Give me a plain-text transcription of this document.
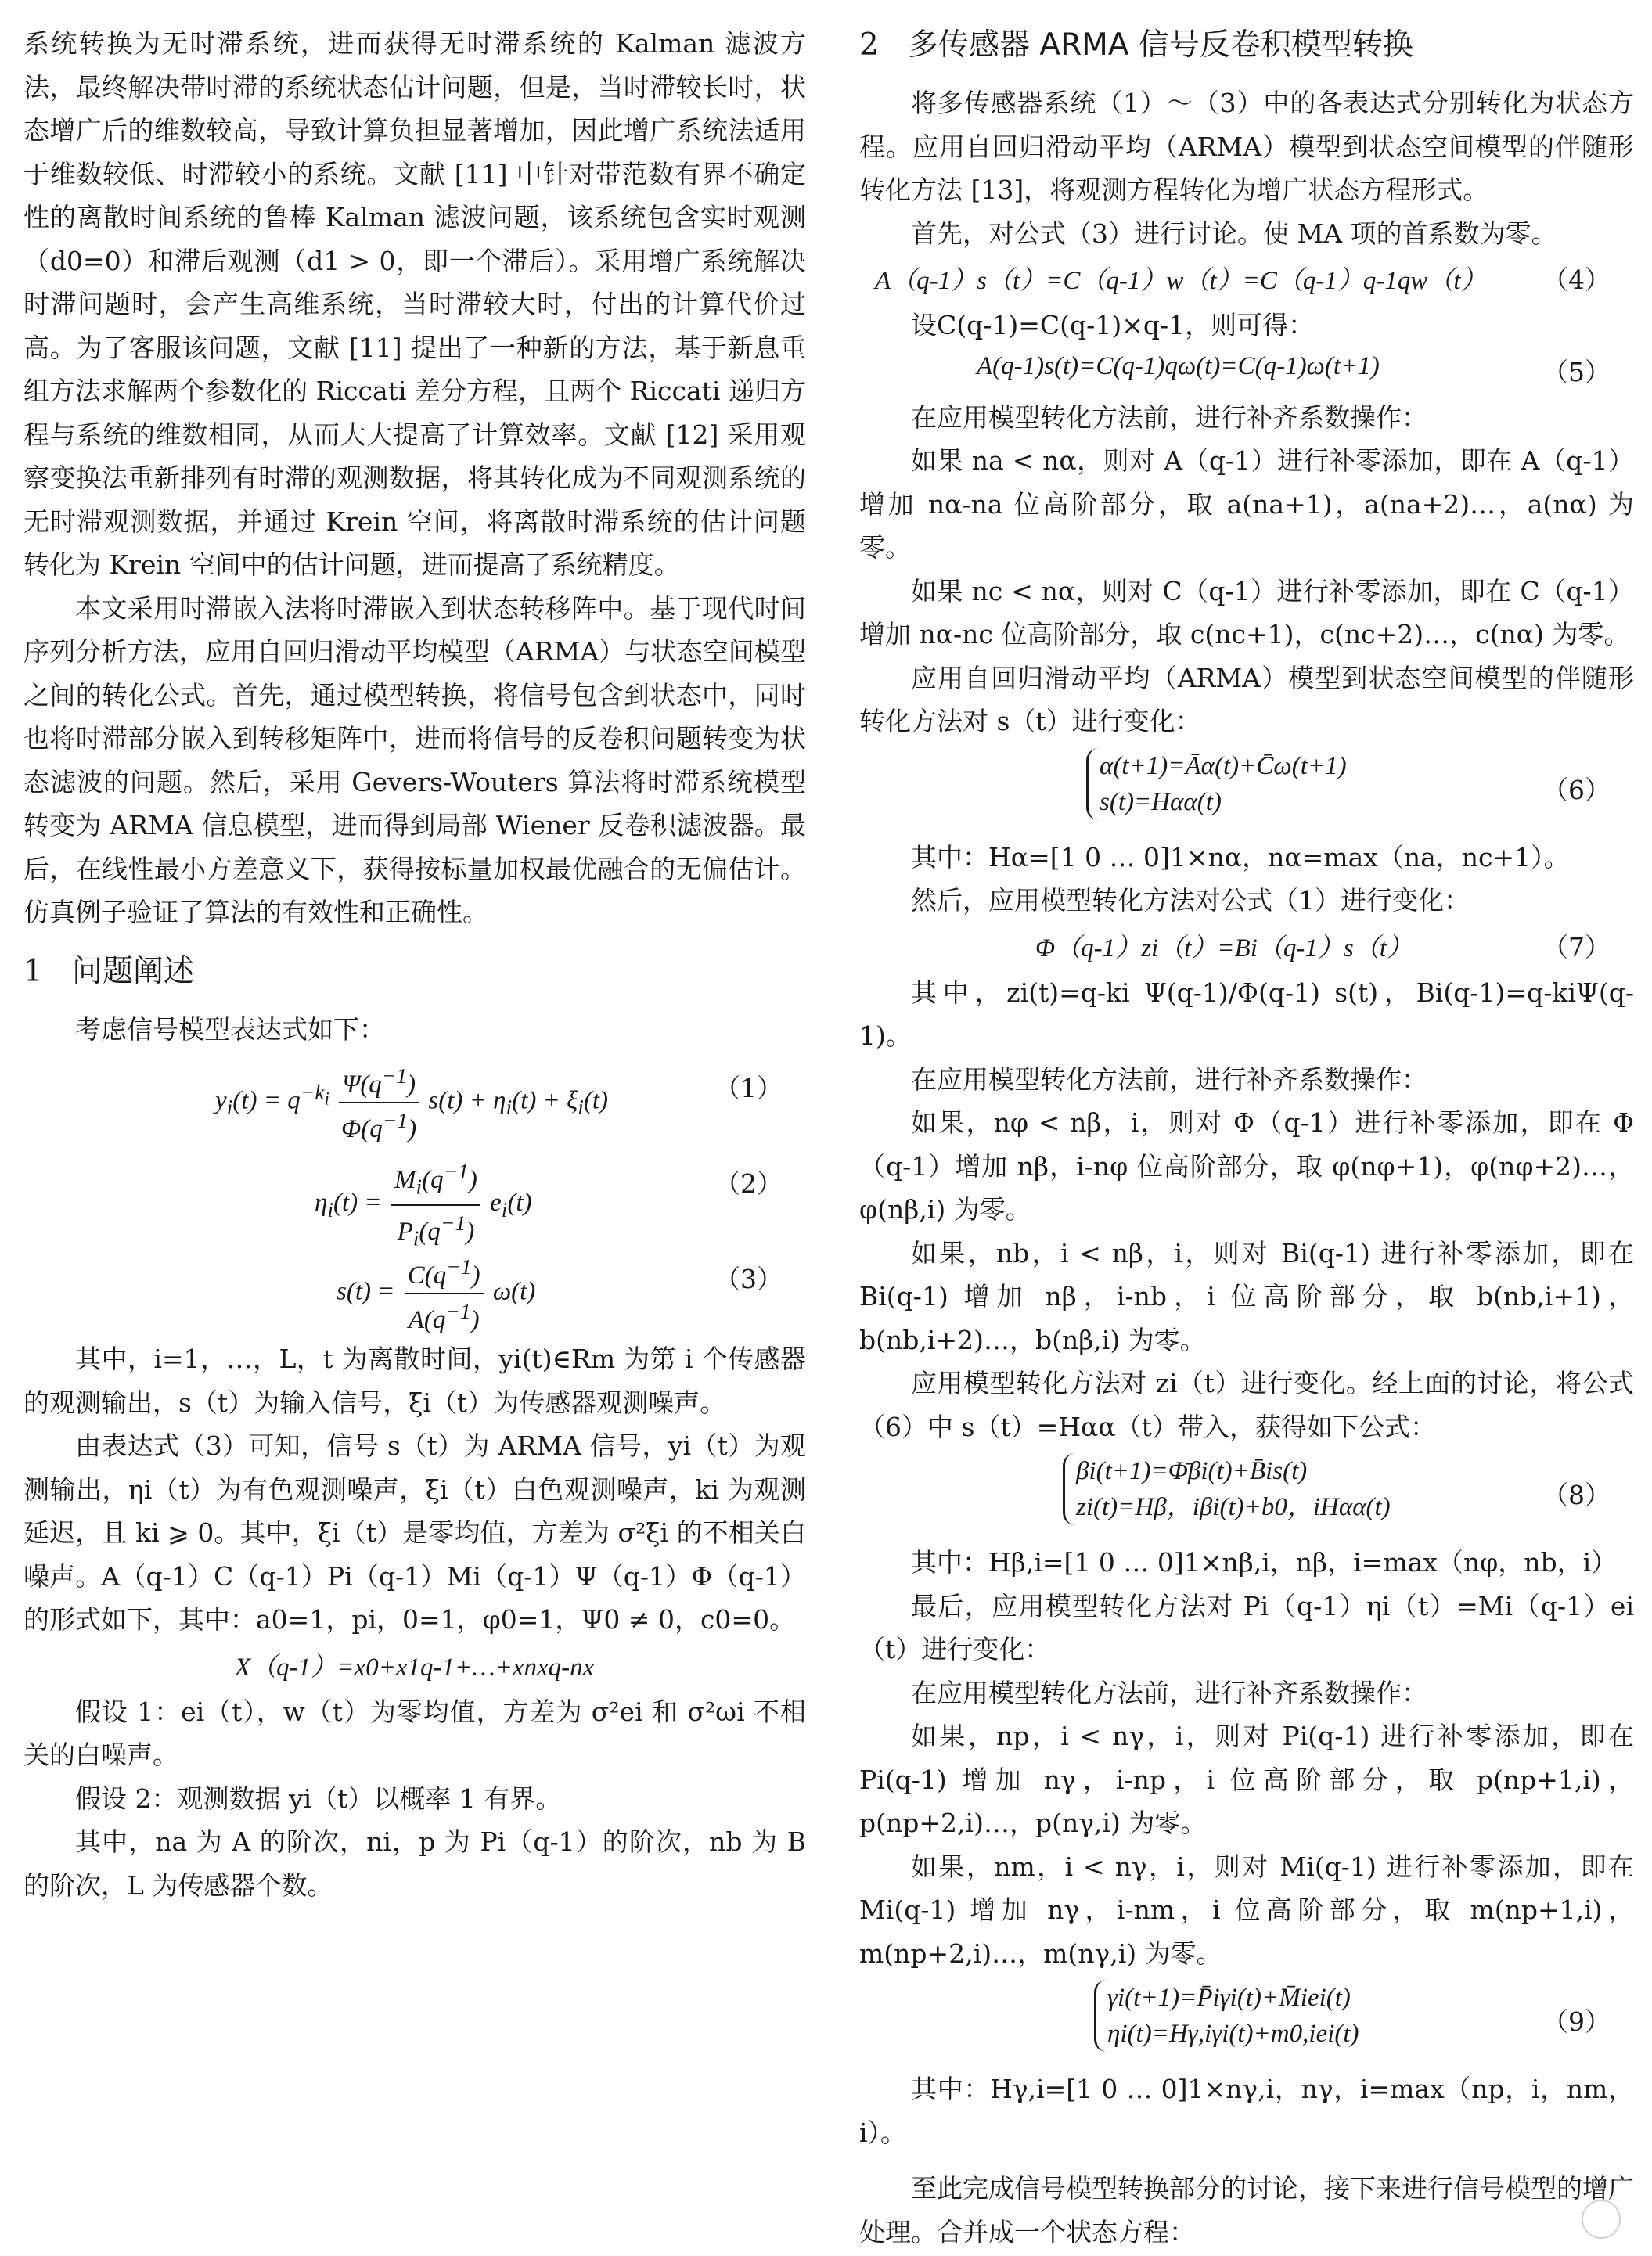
系统转换为无时滞系统，进而获得无时滞系统的 Kalman 滤波方法，最终解决带时滞的系统状态估计问题，但是，当时滞较长时，状态增广后的维数较高，导致计算负担显著增加，因此增广系统法适用于维数较低、时滞较小的系统。文献 [11] 中针对带范数有界不确定性的离散时间系统的鲁棒 Kalman 滤波问题，该系统包含实时观测（d0=0）和滞后观测（d1 > 0，即一个滞后）。采用增广系统解决时滞问题时，会产生高维系统，当时滞较大时，付出的计算代价过高。为了客服该问题，文献 [11] 提出了一种新的方法，基于新息重组方法求解两个参数化的 Riccati 差分方程，且两个 Riccati 递归方程与系统的维数相同，从而大大提高了计算效率。文献 [12] 采用观察变换法重新排列有时滞的观测数据，将其转化成为不同观测系统的无时滞观测数据，并通过 Krein 空间，将离散时滞系统的估计问题转化为 Krein 空间中的估计问题，进而提高了系统精度。

本文采用时滞嵌入法将时滞嵌入到状态转移阵中。基于现代时间序列分析方法，应用自回归滑动平均模型（ARMA）与状态空间模型之间的转化公式。首先，通过模型转换，将信号包含到状态中，同时也将时滞部分嵌入到转移矩阵中，进而将信号的反卷积问题转变为状态滤波的问题。然后，采用 Gevers-Wouters 算法将时滞系统模型转变为 ARMA 信息模型，进而得到局部 Wiener 反卷积滤波器。最后，在线性最小方差意义下，获得按标量加权最优融合的无偏估计。仿真例子验证了算法的有效性和正确性。

1 问题阐述

考虑信号模型表达式如下：

$y_i(t) = q^{-k_i} \frac{\Psi(q^{-1})}{\Phi(q^{-1})} s(t) + \eta_i(t) + \xi_i(t)$	（1）
$\eta_i(t) = \frac{M_i(q^{-1})}{P_i(q^{-1})} e_i(t)$
（2）
$s(t) = \frac{C(q^{-1})}{A(q^{-1})} \omega(t)$	（3）

其中，i=1，…，L，t 为离散时间，yi(t)∈Rm 为第 i 个传感器的观测输出，s（t）为输入信号，ξi（t）为传感器观测噪声。

由表达式（3）可知，信号 s（t）为 ARMA 信号，yi（t）为观测输出，ηi（t）为有色观测噪声，ξi（t）白色观测噪声，ki 为观测延迟，且 ki ⩾ 0。其中，ξi（t）是零均值，方差为 σ²ξi 的不相关白噪声。A（q-1）C（q-1）Pi（q-1）Mi（q-1）Ψ（q-1）Φ（q-1）的形式如下，其中：a0=1，pi，0=1，φ0=1，Ψ0 ≠ 0，c0=0。

X（q-1）=x0+x1q-1+…+xnxq-nx

假设 1：ei（t），w（t）为零均值，方差为 σ²ei 和 σ²ωi 不相关的白噪声。

假设 2：观测数据 yi（t）以概率 1 有界。

其中，na 为 A 的阶次，ni，p 为 Pi（q-1）的阶次，nb 为 B 的阶次，L 为传感器个数。

2 多传感器 ARMA 信号反卷积模型转换

将多传感器系统（1）～（3）中的各表达式分别转化为状态方程。应用自回归滑动平均（ARMA）模型到状态空间模型的伴随形转化方法 [13]，将观测方程转化为增广状态方程形式。

首先，对公式（3）进行讨论。使 MA 项的首系数为零。

A（q-1）s（t）=C（q-1）w（t）=C（q-1）q-1qw（t） （4）

设C(q-1)=C(q-1)×q-1，则可得：

A(q-1)s(t)=C(q-1)qω(t)=C(q-1)ω(t+1)	（5）

在应用模型转化方法前，进行补齐系数操作：

如果 na < nα，则对 A（q-1）进行补零添加，即在 A（q-1）增加 nα-na 位高阶部分，取 a(na+1)，a(na+2)…，a(nα) 为零。

如果 nc < nα，则对 C（q-1）进行补零添加，即在 C（q-1）增加 nα-nc 位高阶部分，取 c(nc+1)，c(nc+2)…，c(nα) 为零。

应用自回归滑动平均（ARMA）模型到状态空间模型的伴随形转化方法对 s（t）进行变化：

α(t+1)=Āα(t)+C̄ω(t+1)
s(t)=Hαα(t)	（6）

其中：Hα=[1 0 … 0]1×nα，nα=max（na，nc+1）。

然后，应用模型转化方法对公式（1）进行变化：

Φ（q-1）zi（t）=Bi（q-1）s（t）	（7）

其中，zi(t)=q-ki Ψ(q-1)/Φ(q-1) s(t)，Bi(q-1)=q-kiΨ(q-1)。

在应用模型转化方法前，进行补齐系数操作：

如果，nφ < nβ，i，则对 Φ（q-1）进行补零添加，即在 Φ（q-1）增加 nβ，i-nφ 位高阶部分，取 φ(nφ+1)，φ(nφ+2)…，φ(nβ,i) 为零。

如果，nb，i < nβ，i，则对 Bi(q-1) 进行补零添加，即在 Bi(q-1) 增加 nβ，i-nb，i 位高阶部分，取 b(nb,i+1)，b(nb,i+2)…，b(nβ,i) 为零。

应用模型转化方法对 zi（t）进行变化。经上面的讨论，将公式（6）中 s（t）=Hαα（t）带入，获得如下公式：

βi(t+1)=Φ̄βi(t)+B̄is(t)
zi(t)=Hβ，iβi(t)+b0，iHαα(t)	（8）

其中：Hβ,i=[1 0 … 0]1×nβ,i，nβ，i=max（nφ，nb，i）

最后，应用模型转化方法对 Pi（q-1）ηi（t）=Mi（q-1）ei（t）进行变化：

在应用模型转化方法前，进行补齐系数操作：

如果，np，i < nγ，i，则对 Pi(q-1) 进行补零添加，即在 Pi(q-1) 增加 nγ，i-np，i 位高阶部分，取 p(np+1,i)，p(np+2,i)…，p(nγ,i) 为零。

如果，nm，i < nγ，i，则对 Mi(q-1) 进行补零添加，即在 Mi(q-1) 增加 nγ，i-nm，i 位高阶部分，取 m(np+1,i)，m(np+2,i)…，m(nγ,i) 为零。

γi(t+1)=P̄iγi(t)+M̄iei(t)
ηi(t)=Hγ,iγi(t)+m0,iei(t)	（9）

其中：Hγ,i=[1 0 … 0]1×nγ,i，nγ，i=max（np，i，nm，i）。

至此完成信号模型转换部分的讨论，接下来进行信号模型的增广处理。合并成一个状态方程：
